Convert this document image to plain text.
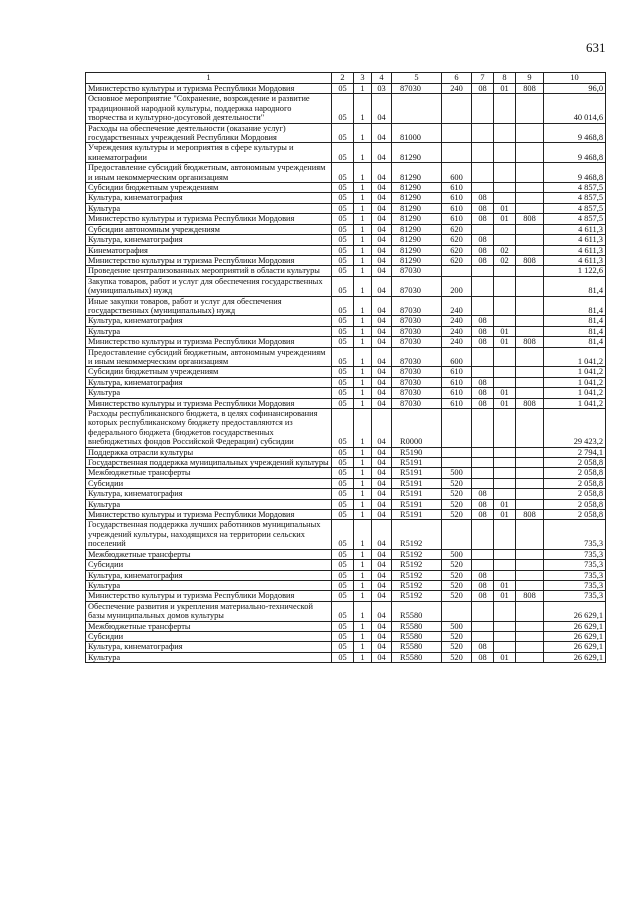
631
1	2	3	4	5	6	7	8	9	10
Министерство культуры и туризма Республики Мордовия	05	1	03	87030	240	08	01	808	96,0
Основное мероприятие "Сохранение, возрождение и развитие традиционной народной культуры, поддержка народного творчества и культурно-досуговой деятельности"	05	1	04						40 014,6
Расходы на обеспечение деятельности (оказание услуг) государственных учреждений Республики Мордовия	05	1	04	81000					9 468,8
Учреждения культуры и мероприятия в сфере культуры и кинематографии	05	1	04	81290					9 468,8
Предоставление субсидий бюджетным, автономным учреждениям и иным некоммерческим организациям	05	1	04	81290	600				9 468,8
Субсидии бюджетным учреждениям	05	1	04	81290	610				4 857,5
Культура, кинематография	05	1	04	81290	610	08			4 857,5
Культура	05	1	04	81290	610	08	01		4 857,5
Министерство культуры и туризма Республики Мордовия	05	1	04	81290	610	08	01	808	4 857,5
Субсидии автономным учреждениям	05	1	04	81290	620				4 611,3
Культура, кинематография	05	1	04	81290	620	08			4 611,3
Кинематография	05	1	04	81290	620	08	02		4 611,3
Министерство культуры и туризма Республики Мордовия	05	1	04	81290	620	08	02	808	4 611,3
Проведение централизованных мероприятий в области культуры	05	1	04	87030					1 122,6
Закупка товаров, работ и услуг для обеспечения государственных (муниципальных) нужд	05	1	04	87030	200				81,4
Иные закупки товаров, работ и услуг для обеспечения государственных (муниципальных) нужд	05	1	04	87030	240				81,4
Культура, кинематография	05	1	04	87030	240	08			81,4
Культура	05	1	04	87030	240	08	01		81,4
Министерство культуры и туризма Республики Мордовия	05	1	04	87030	240	08	01	808	81,4
Предоставление субсидий бюджетным, автономным учреждениям и иным некоммерческим организациям	05	1	04	87030	600				1 041,2
Субсидии бюджетным учреждениям	05	1	04	87030	610				1 041,2
Культура, кинематография	05	1	04	87030	610	08			1 041,2
Культура	05	1	04	87030	610	08	01		1 041,2
Министерство культуры и туризма Республики Мордовия	05	1	04	87030	610	08	01	808	1 041,2
Расходы республиканского бюджета, в целях софинансирования которых республиканскому бюджету предоставляются из федерального бюджета (бюджетов государственных внебюджетных фондов Российской Федерации) субсидии	05	1	04	R0000					29 423,2
Поддержка отрасли культуры	05	1	04	R5190					2 794,1
Государственная поддержка муниципальных учреждений культуры	05	1	04	R5191					2 058,8
Межбюджетные трансферты	05	1	04	R5191	500				2 058,8
Субсидии	05	1	04	R5191	520				2 058,8
Культура, кинематография	05	1	04	R5191	520	08			2 058,8
Культура	05	1	04	R5191	520	08	01		2 058,8
Министерство культуры и туризма Республики Мордовия	05	1	04	R5191	520	08	01	808	2 058,8
Государственная поддержка лучших работников муниципальных учреждений культуры, находящихся на территории сельских поселений	05	1	04	R5192					735,3
Межбюджетные трансферты	05	1	04	R5192	500				735,3
Субсидии	05	1	04	R5192	520				735,3
Культура, кинематография	05	1	04	R5192	520	08			735,3
Культура	05	1	04	R5192	520	08	01		735,3
Министерство культуры и туризма Республики Мордовия	05	1	04	R5192	520	08	01	808	735,3
Обеспечение развития и укрепления материально-технической базы муниципальных домов культуры	05	1	04	R5580					26 629,1
Межбюджетные трансферты	05	1	04	R5580	500				26 629,1
Субсидии	05	1	04	R5580	520				26 629,1
Культура, кинематография	05	1	04	R5580	520	08			26 629,1
Культура	05	1	04	R5580	520	08	01		26 629,1
